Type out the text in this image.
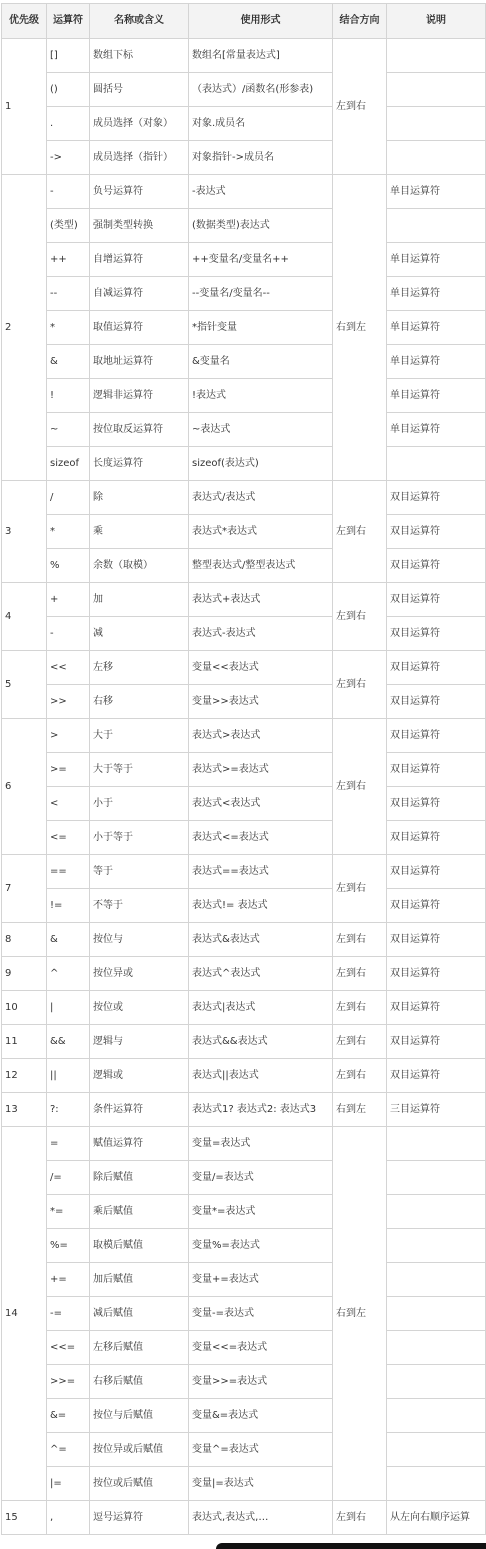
优先级	运算符	名称或含义	使用形式	结合方向	说明
1	[]	数组下标	数组名[常量表达式]	左到右	
	()	圆括号	（表达式）/函数名(形参表)		
	.	成员选择（对象）	对象.成员名		
	->	成员选择（指针）	对象指针->成员名		
2	-	负号运算符	-表达式	右到左	单目运算符
	(类型)	强制类型转换	(数据类型)表达式		
	++	自增运算符	++变量名/变量名++		单目运算符
	--	自减运算符	--变量名/变量名--		单目运算符
	*	取值运算符	*指针变量		单目运算符
	&	取地址运算符	&变量名		单目运算符
	!	逻辑非运算符	!表达式		单目运算符
	~	按位取反运算符	~表达式		单目运算符
	sizeof	长度运算符	sizeof(表达式)		
3	/	除	表达式/表达式	左到右	双目运算符
	*	乘	表达式*表达式		双目运算符
	%	余数（取模）	整型表达式/整型表达式		双目运算符
4	+	加	表达式+表达式	左到右	双目运算符
	-	减	表达式-表达式		双目运算符
5	<<	左移	变量<<表达式	左到右	双目运算符
	>>	右移	变量>>表达式		双目运算符
6	>	大于	表达式>表达式	左到右	双目运算符
	>=	大于等于	表达式>=表达式		双目运算符
	<	小于	表达式<表达式		双目运算符
	<=	小于等于	表达式<=表达式		双目运算符
7	==	等于	表达式==表达式	左到右	双目运算符
	!=	不等于	表达式!= 表达式		双目运算符
8	&	按位与	表达式&表达式	左到右	双目运算符
9	^	按位异或	表达式^表达式	左到右	双目运算符
10	|	按位或	表达式|表达式	左到右	双目运算符
11	&&	逻辑与	表达式&&表达式	左到右	双目运算符
12	||	逻辑或	表达式||表达式	左到右	双目运算符
13	?:	条件运算符	表达式1? 表达式2: 表达式3	右到左	三目运算符
14	=	赋值运算符	变量=表达式	右到左	
	/=	除后赋值	变量/=表达式		
	*=	乘后赋值	变量*=表达式		
	%=	取模后赋值	变量%=表达式		
	+=	加后赋值	变量+=表达式		
	-=	减后赋值	变量-=表达式		
	<<=	左移后赋值	变量<<=表达式		
	>>=	右移后赋值	变量>>=表达式		
	&=	按位与后赋值	变量&=表达式		
	^=	按位异或后赋值	变量^=表达式		
	|=	按位或后赋值	变量|=表达式		
15	,	逗号运算符	表达式,表达式,…	左到右	从左向右顺序运算
